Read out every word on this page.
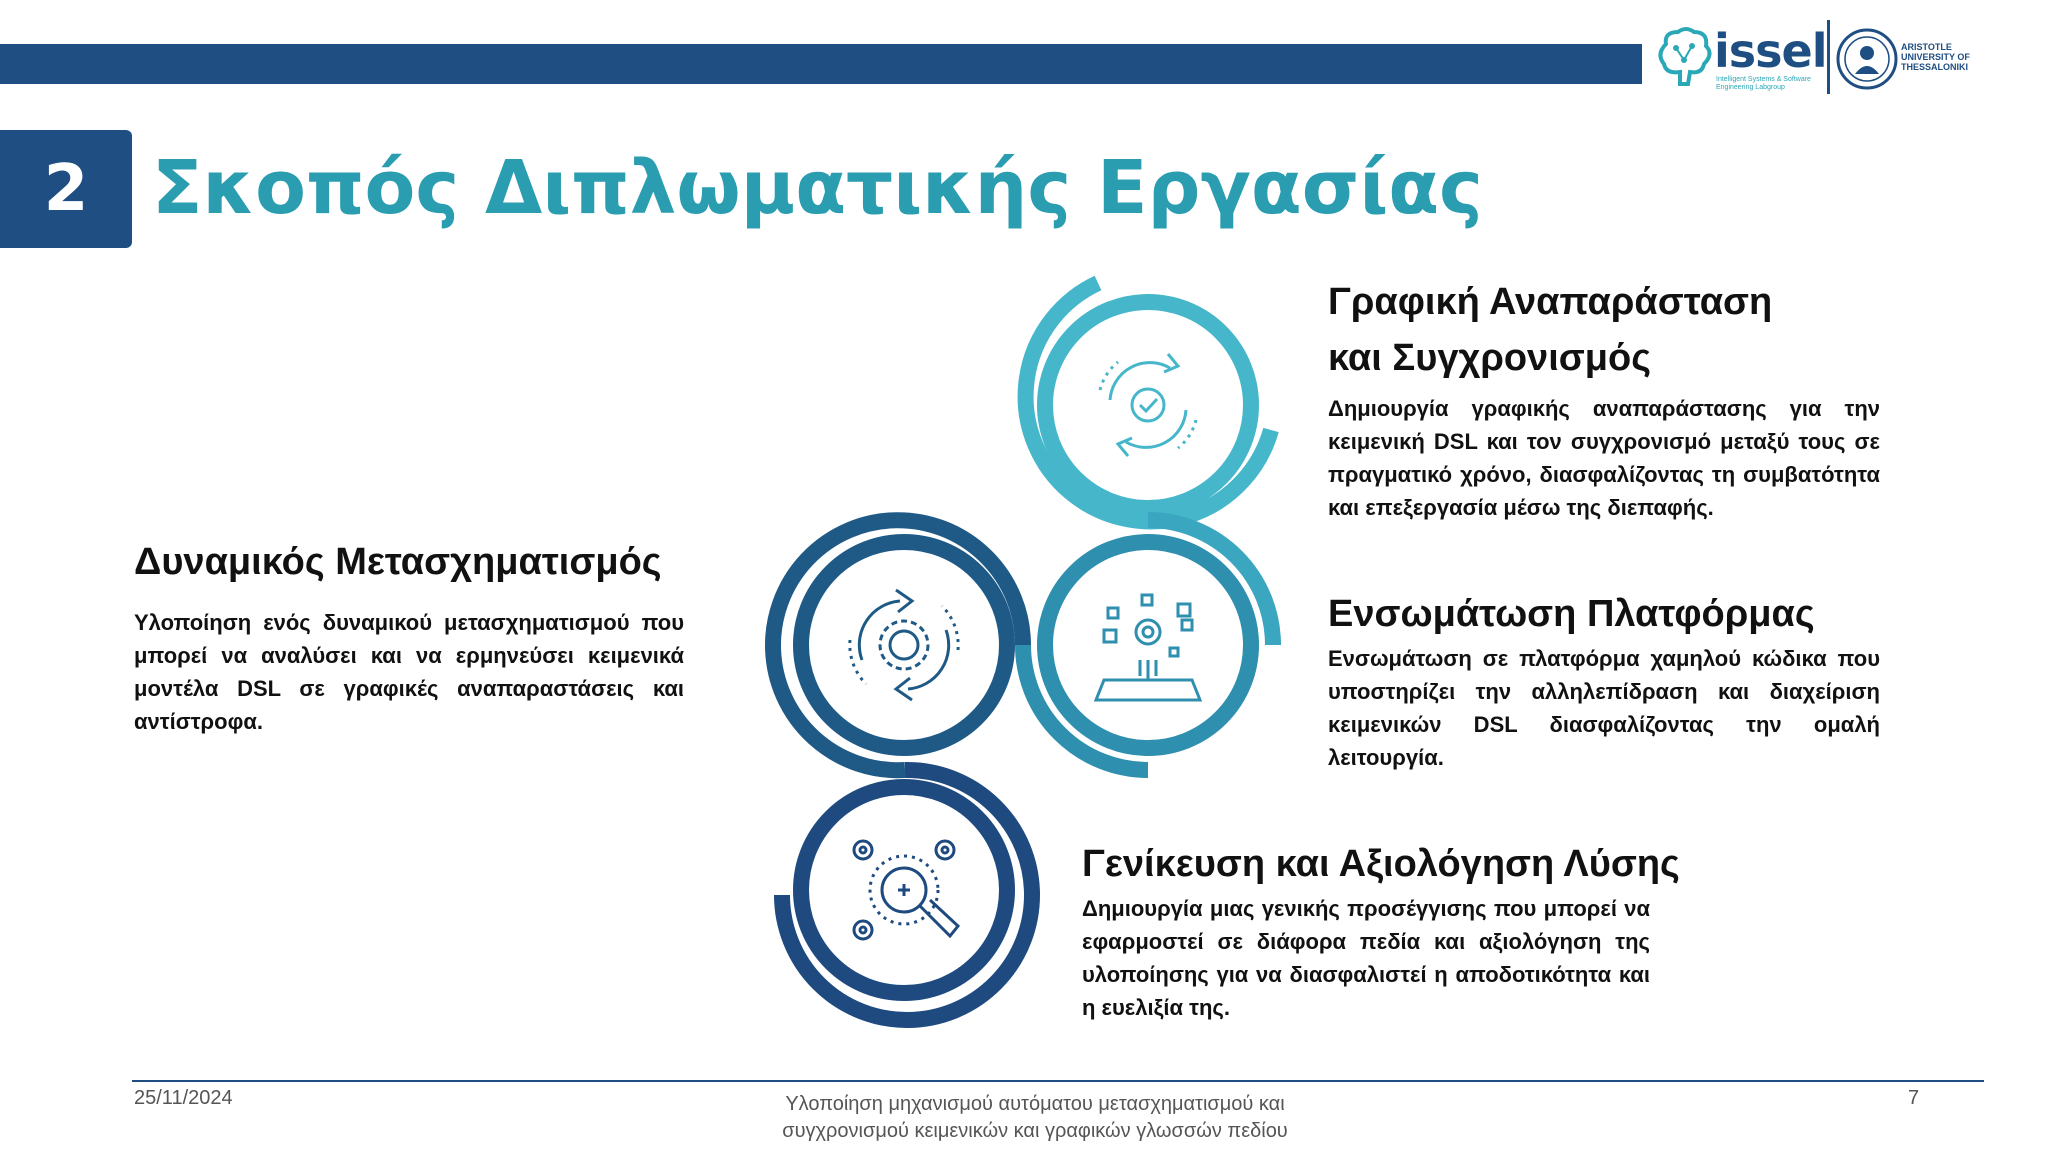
issel
Intelligent Systems & Software Engineering Labgroup
ARISTOTLE UNIVERSITY OF THESSALONIKI
2 Σκοπός Διπλωματικής Εργασίας
Δυναμικός Μετασχηματισμός
Υλοποίηση ενός δυναμικού μετασχηματισμού που μπορεί να αναλύσει και να ερμηνεύσει κειμενικά μοντέλα DSL σε γραφικές αναπαραστάσεις και αντίστροφα.
Γραφική Αναπαράσταση
και Συγχρονισμός
Δημιουργία γραφικής αναπαράστασης για την κειμενική DSL και τον συγχρονισμό μεταξύ τους σε πραγματικό χρόνο, διασφαλίζοντας τη συμβατότητα και επεξεργασία μέσω της διεπαφής.
Ενσωμάτωση Πλατφόρμας
Ενσωμάτωση σε πλατφόρμα χαμηλού κώδικα που υποστηρίζει την αλληλεπίδραση και διαχείριση κειμενικών DSL διασφαλίζοντας την ομαλή λειτουργία.
Γενίκευση και Αξιολόγηση Λύσης
Δημιουργία μιας γενικής προσέγγισης που μπορεί να εφαρμοστεί σε διάφορα πεδία και αξιολόγηση της υλοποίησης για να διασφαλιστεί η αποδοτικότητα και η ευελιξία της.
25/11/2024	Υλοποίηση μηχανισμού αυτόματου μετασχηματισμού και
συγχρονισμού κειμενικών και γραφικών γλωσσών πεδίου
7
